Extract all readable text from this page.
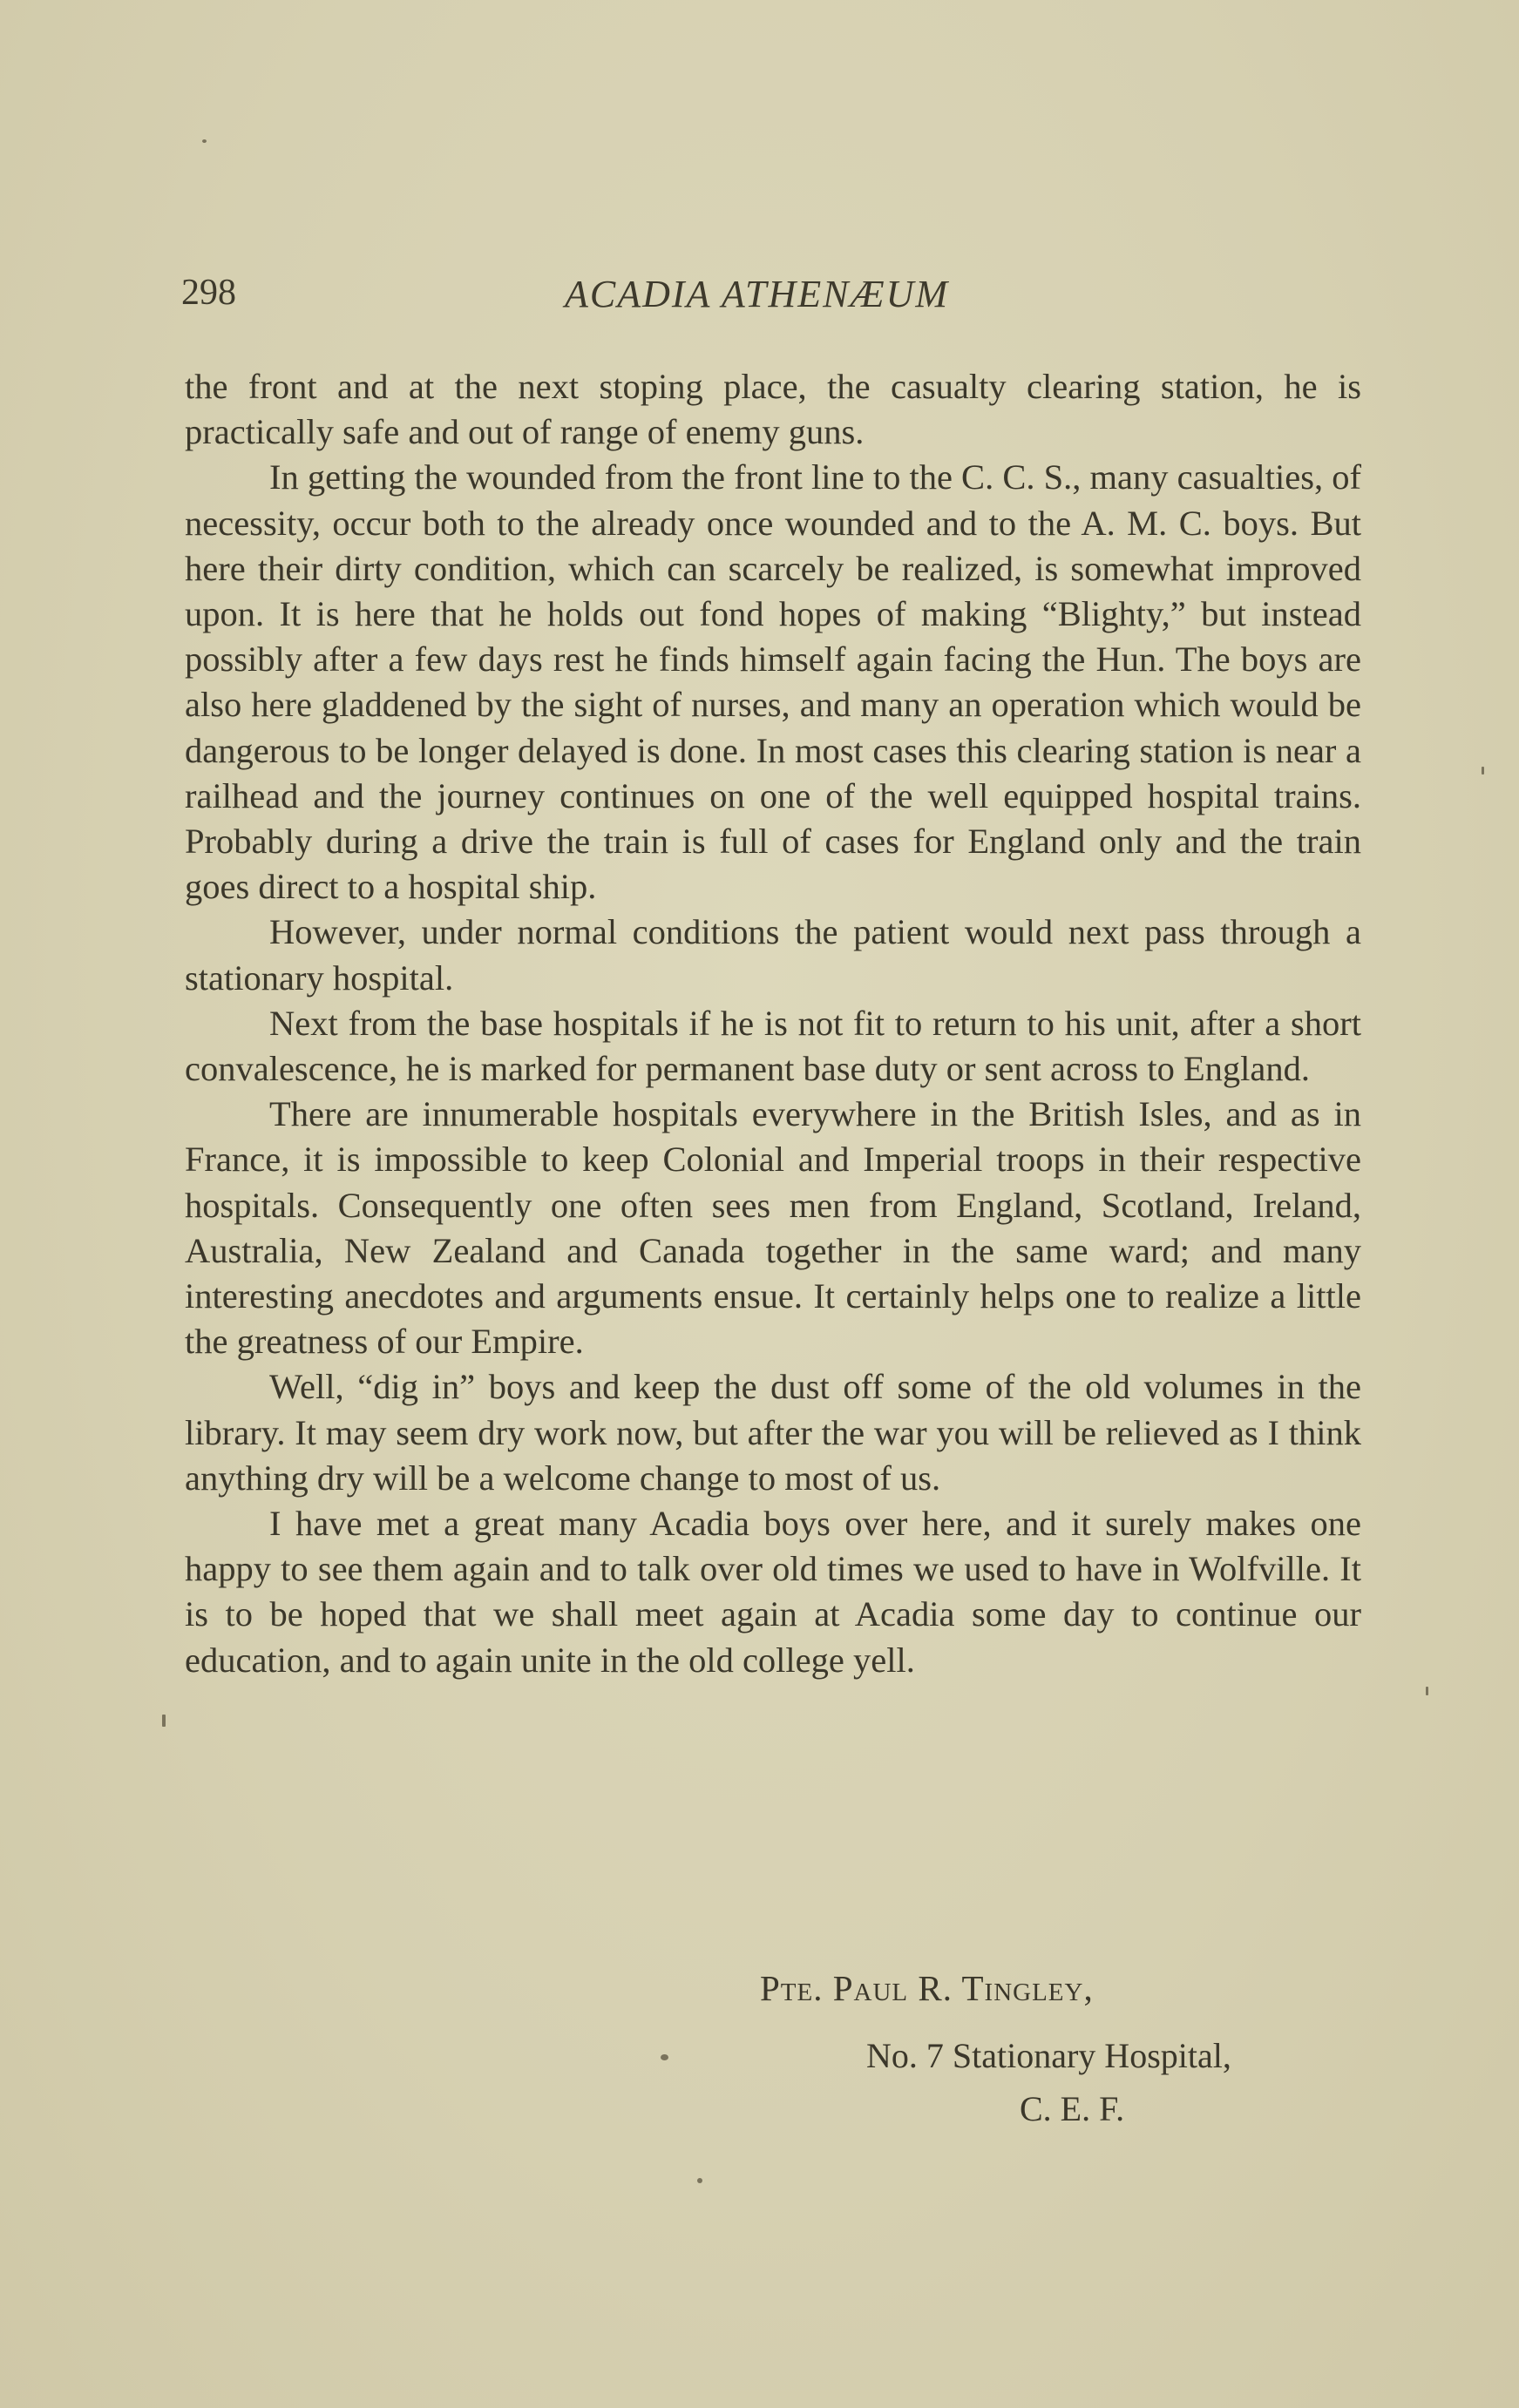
298	ACADIA ATHENÆUM

the front and at the next stoping place, the casualty clearing station, he is practically safe and out of range of enemy guns.

In getting the wounded from the front line to the C. C. S., many casualties, of necessity, occur both to the already once wounded and to the A. M. C. boys. But here their dirty condition, which can scarcely be realized, is somewhat improved upon. It is here that he holds out fond hopes of making “Blighty,” but instead possibly after a few days rest he finds himself again facing the Hun. The boys are also here gladdened by the sight of nurses, and many an operation which would be dangerous to be longer delayed is done. In most cases this clearing station is near a railhead and the journey continues on one of the well equipped hospital trains. Probably during a drive the train is full of cases for England only and the train goes direct to a hospital ship.

However, under normal conditions the patient would next pass through a stationary hospital.

Next from the base hospitals if he is not fit to return to his unit, after a short convalescence, he is marked for permanent base duty or sent across to England.

There are innumerable hospitals everywhere in the British Isles, and as in France, it is impossible to keep Colonial and Imperial troops in their respective hospitals. Consequently one often sees men from England, Scotland, Ireland, Australia, New Zealand and Canada together in the same ward; and many interesting anecdotes and arguments ensue. It certainly helps one to realize a little the greatness of our Empire.

Well, “dig in” boys and keep the dust off some of the old volumes in the library. It may seem dry work now, but after the war you will be relieved as I think anything dry will be a welcome change to most of us.

I have met a great many Acadia boys over here, and it surely makes one happy to see them again and to talk over old times we used to have in Wolfville. It is to be hoped that we shall meet again at Acadia some day to continue our education, and to again unite in the old college yell.

Pte. Paul R. Tingley,
No. 7 Stationary Hospital,
C. E. F.
